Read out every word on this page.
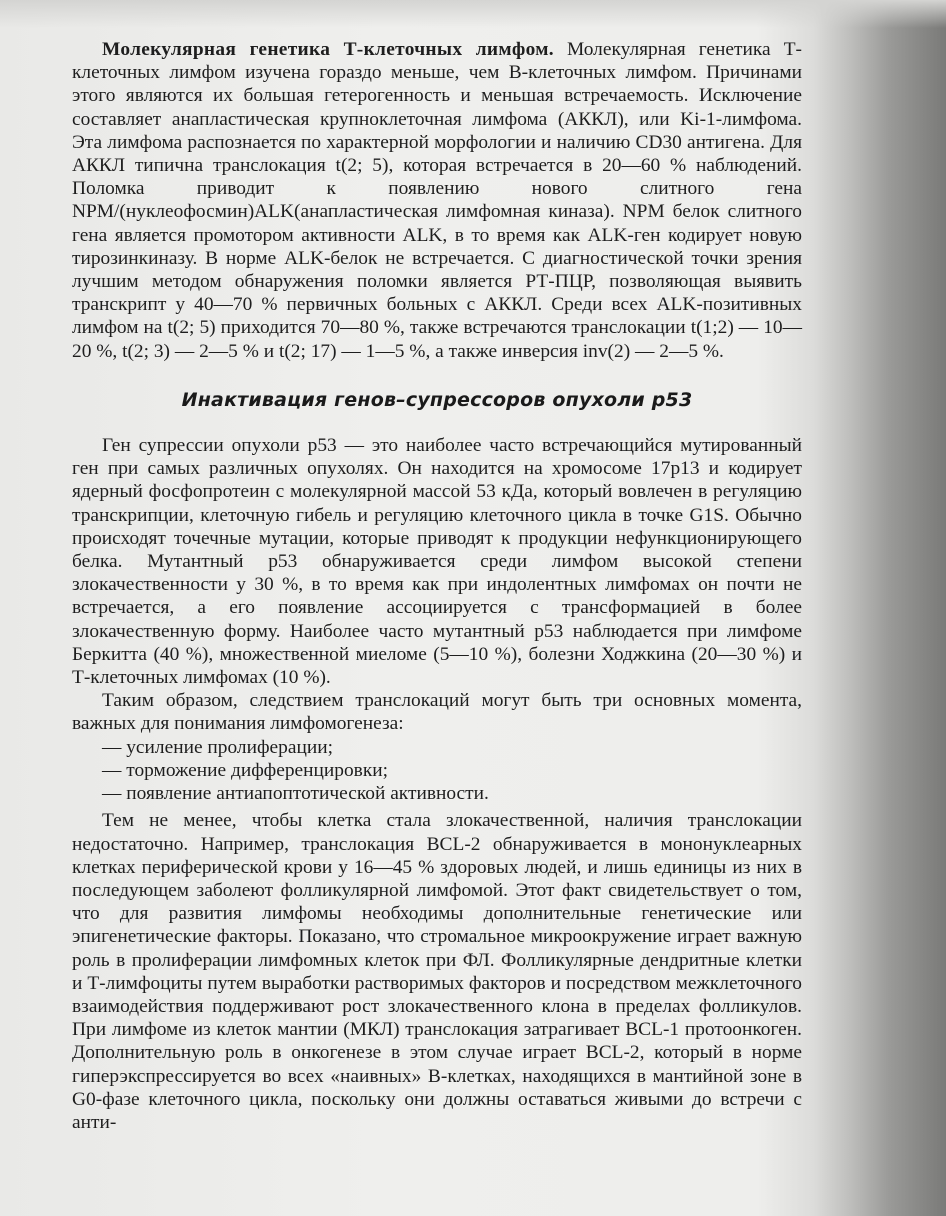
Молекулярная генетика Т-клеточных лимфом. Молекулярная генетика Т-клеточных лимфом изучена гораздо меньше, чем B-клеточных лимфом. Причинами этого являются их большая гетерогенность и меньшая встречаемость. Исключение составляет анапластическая крупноклеточная лимфома (АККЛ), или Ki-1-лимфома. Эта лимфома распознается по характерной морфологии и наличию CD30 антигена. Для АККЛ типична транслокация t(2; 5), которая встречается в 20—60 % наблюдений. Поломка приводит к появлению нового слитного гена NPM/(нуклеофосмин)ALK(анапластическая лимфомная киназа). NPM белок слитного гена является промотором активности ALK, в то время как ALK-ген кодирует новую тирозинкиназу. В норме ALK-белок не встречается. С диагностической точки зрения лучшим методом обнаружения поломки является РТ-ПЦР, позволяющая выявить транскрипт у 40—70 % первичных больных с АККЛ. Среди всех ALK-позитивных лимфом на t(2; 5) приходится 70—80 %, также встречаются транслокации t(1;2) — 10—20 %, t(2; 3) — 2—5 % и t(2; 17) — 1—5 %, а также инверсия inv(2) — 2—5 %.

Инактивация генов–супрессоров опухоли p53

Ген супрессии опухоли p53 — это наиболее часто встречающийся мутированный ген при самых различных опухолях. Он находится на хромосоме 17p13 и кодирует ядерный фосфопротеин с молекулярной массой 53 кДа, который вовлечен в регуляцию транскрипции, клеточную гибель и регуляцию клеточного цикла в точке G1S. Обычно происходят точечные мутации, которые приводят к продукции нефункционирующего белка. Мутантный p53 обнаруживается среди лимфом высокой степени злокачественности у 30 %, в то время как при индолентных лимфомах он почти не встречается, а его появление ассоциируется с трансформацией в более злокачественную форму. Наиболее часто мутантный p53 наблюдается при лимфоме Беркитта (40 %), множественной миеломе (5—10 %), болезни Ходжкина (20—30 %) и Т-клеточных лимфомах (10 %).

Таким образом, следствием транслокаций могут быть три основных момента, важных для понимания лимфомогенеза:

— усиление пролиферации;
— торможение дифференцировки;
— появление антиапоптотической активности.

Тем не менее, чтобы клетка стала злокачественной, наличия транслокации недостаточно. Например, транслокация BCL-2 обнаруживается в мононуклеарных клетках периферической крови у 16—45 % здоровых людей, и лишь единицы из них в последующем заболеют фолликулярной лимфомой. Этот факт свидетельствует о том, что для развития лимфомы необходимы дополнительные генетические или эпигенетические факторы. Показано, что стромальное микроокружение играет важную роль в пролиферации лимфомных клеток при ФЛ. Фолликулярные дендритные клетки и Т-лимфоциты путем выработки растворимых факторов и посредством межклеточного взаимодействия поддерживают рост злокачественного клона в пределах фолликулов. При лимфоме из клеток мантии (МКЛ) транслокация затрагивает BCL-1 протоонкоген. Дополнительную роль в онкогенезе в этом случае играет BCL-2, который в норме гиперэкспрессируется во всех «наивных» B-клетках, находящихся в мантийной зоне в G0-фазе клеточного цикла, поскольку они должны оставаться живыми до встречи с анти-
